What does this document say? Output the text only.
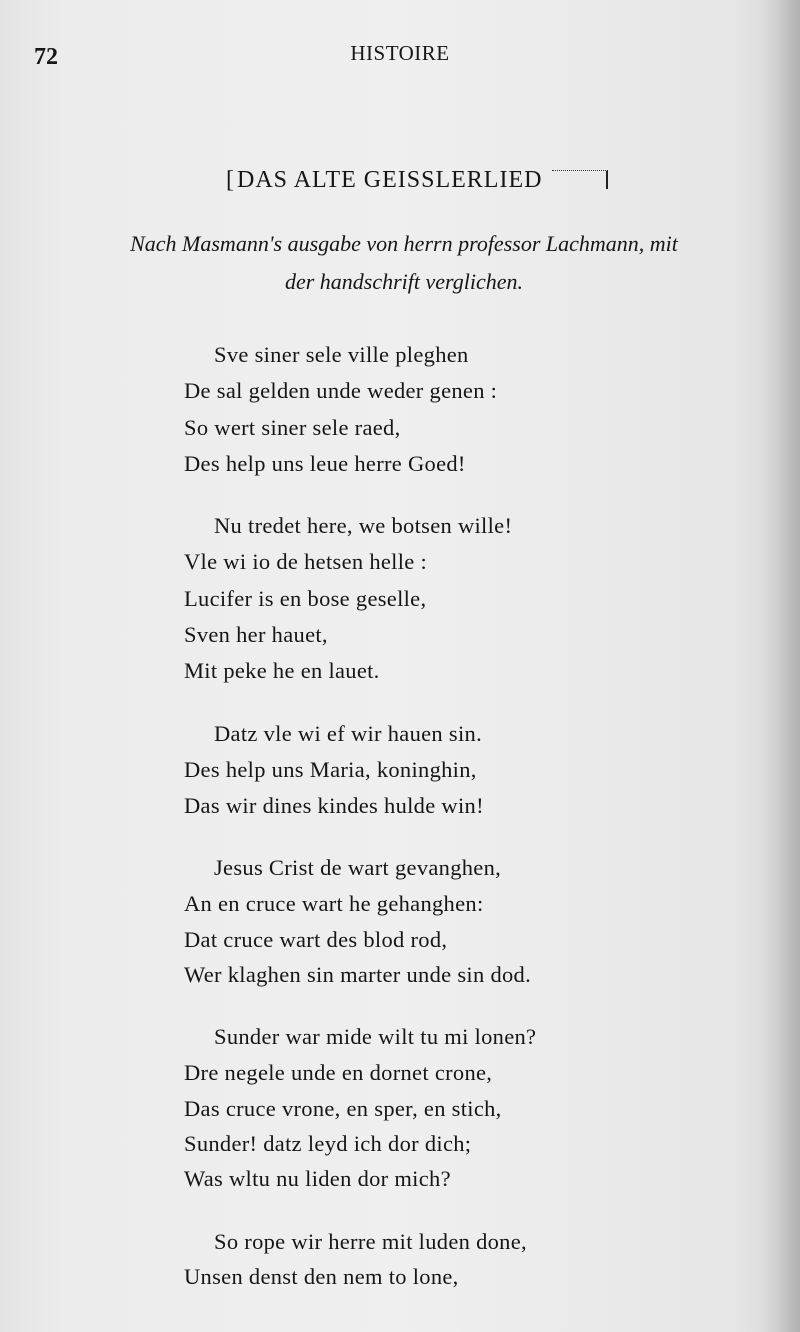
72	HISTOIRE
[DAS ALTE GEISSLERLIED
Nach Masmann's ausgabe von herrn professor Lachmann, mit
der handschrift verglichen.
Sve siner sele ville pleghen
De sal gelden unde weder genen :
So wert siner sele raed,
Des help uns leue herre Goed!
Nu tredet here, we botsen wille!
Vle wi io de hetsen helle :
Lucifer is en bose geselle,
Sven her hauet,
Mit peke he en lauet.
Datz vle wi ef wir hauen sin.
Des help uns Maria, koninghin,
Das wir dines kindes hulde win!
Jesus Crist de wart gevanghen,
An en cruce wart he gehanghen:
Dat cruce wart des blod rod,
Wer klaghen sin marter unde sin dod.
Sunder war mide wilt tu mi lonen?
Dre negele unde en dornet crone,
Das cruce vrone, en sper, en stich,
Sunder! datz leyd ich dor dich;
Was wltu nu liden dor mich?
So rope wir herre mit luden done,
Unsen denst den nem to lone,
